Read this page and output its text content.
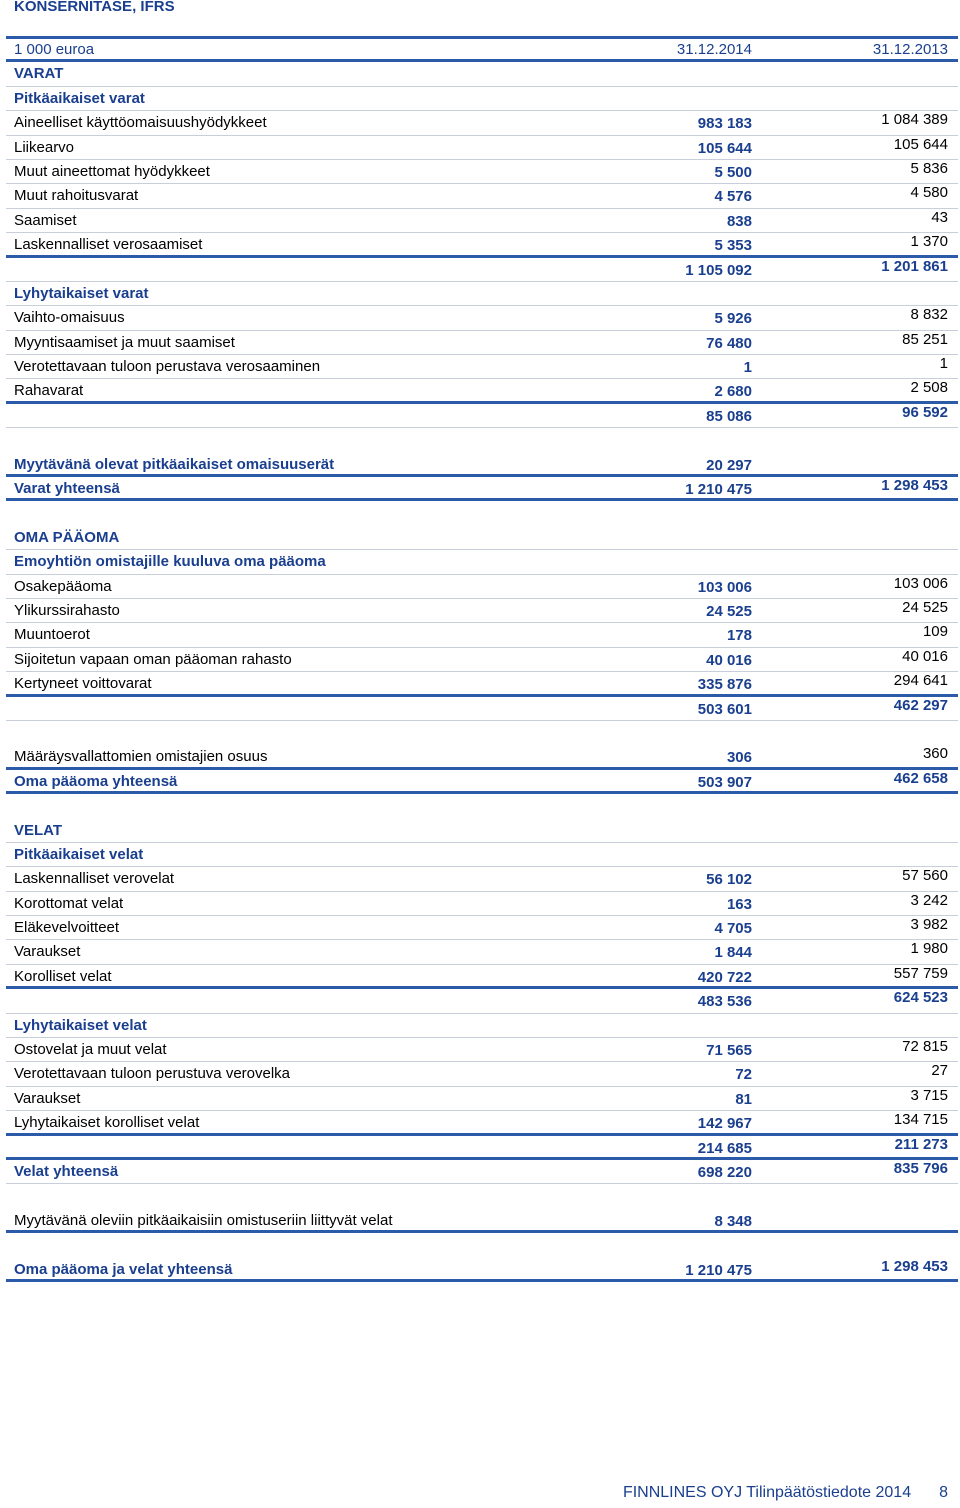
KONSERNITASE, IFRS
1 000 euroa	31.12.2014	31.12.2013
VARAT
Pitkäaikaiset varat
Aineelliset käyttöomaisuushyödykkeet	983 183	1 084 389
Liikearvo	105 644	105 644
Muut aineettomat hyödykkeet	5 500	5 836
Muut rahoitusvarat	4 576	4 580
Saamiset	838	43
Laskennalliset verosaamiset	5 353	1 370
1 105 092	1 201 861
Lyhytaikaiset varat
Vaihto-omaisuus	5 926	8 832
Myyntisaamiset ja muut saamiset	76 480	85 251
Verotettavaan tuloon perustava verosaaminen	1	1
Rahavarat	2 680	2 508
85 086	96 592
Myytävänä olevat pitkäaikaiset omaisuuserät	20 297
Varat yhteensä	1 210 475	1 298 453
OMA PÄÄOMA
Emoyhtiön omistajille kuuluva oma pääoma
Osakepääoma	103 006	103 006
Ylikurssirahasto	24 525	24 525
Muuntoerot	178	109
Sijoitetun vapaan oman pääoman rahasto	40 016	40 016
Kertyneet voittovarat	335 876	294 641
503 601	462 297
Määräysvallattomien omistajien osuus	306	360
Oma pääoma yhteensä	503 907	462 658
VELAT
Pitkäaikaiset velat
Laskennalliset verovelat	56 102	57 560
Korottomat velat	163	3 242
Eläkevelvoitteet	4 705	3 982
Varaukset	1 844	1 980
Korolliset velat	420 722	557 759
483 536	624 523
Lyhytaikaiset velat
Ostovelat ja muut velat	71 565	72 815
Verotettavaan tuloon perustuva verovelka	72	27
Varaukset	81	3 715
Lyhytaikaiset korolliset velat	142 967	134 715
214 685	211 273
Velat yhteensä	698 220	835 796
Myytävänä oleviin pitkäaikaisiin omistuseriin liittyvät velat	8 348
Oma pääoma ja velat yhteensä	1 210 475	1 298 453
FINNLINES OYJ Tilinpäätöstiedote 2014 8
